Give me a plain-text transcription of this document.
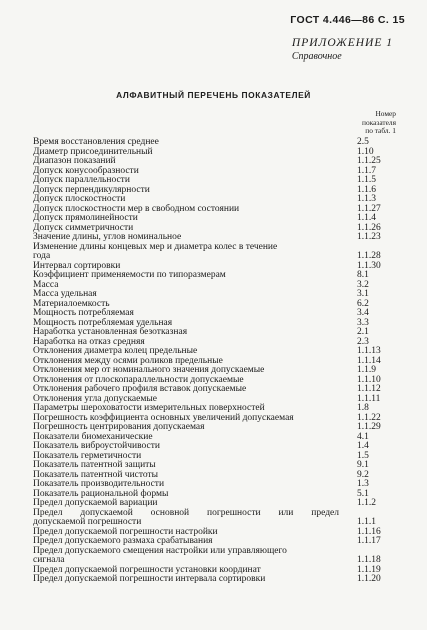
ГОСТ 4.446—86 С. 15
ПРИЛОЖЕНИЕ 1
Справочное
АЛФАВИТНЫЙ ПЕРЕЧЕНЬ ПОКАЗАТЕЛЕЙ
Номер
показателя
по табл. 1
Время восстановления среднее	2.5
Диаметр присоединительный	1.10
Диапазон показаний	1.1.25
Допуск конусообразности	1.1.7
Допуск параллельности	1.1.5
Допуск перпендикулярности	1.1.6
Допуск плоскостности	1.1.3
Допуск плоскостности мер в свободном состоянии	1.1.27
Допуск прямолинейности	1.1.4
Допуск симметричности	1.1.26
Значение длины, углов номинальное	1.1.23
Изменение длины концевых мер и диаметра колес в течение
года	1.1.28
Интервал сортировки	1.1.30
Коэффициент применяемости по типоразмерам	8.1
Масса	3.2
Масса удельная	3.1
Материалоемкость	6.2
Мощность потребляемая	3.4
Мощность потребляемая удельная	3.3
Наработка установленная безотказная	2.1
Наработка на отказ средняя	2.3
Отклонения диаметра колец предельные	1.1.13
Отклонения между осями роликов предельные	1.1.14
Отклонения мер от номинального значения допускаемые	1.1.9
Отклонения от плоскопараллельности допускаемые	1.1.10
Отклонения рабочего профиля вставок допускаемые	1.1.12
Отклонения угла допускаемые	1.1.11
Параметры шероховатости измерительных поверхностей	1.8
Погрешность коэффициента основных увеличений допускаемая	1.1.22
Погрешность центрирования допускаемая	1.1.29
Показатели биомеханические	4.1
Показатель виброустойчивости	1.4
Показатель герметичности	1.5
Показатель патентной защиты	9.1
Показатель патентной чистоты	9.2
Показатель производительности	1.3
Показатель рациональной формы	5.1
Предел допускаемой вариации	1.1.2
Предел допускаемой основной погрешности или предел
допускаемой погрешности	1.1.1
Предел допускаемой погрешности настройки	1.1.16
Предел допускаемого размаха срабатывания	1.1.17
Предел допускаемого смещения настройки или управляющего
сигнала	1.1.18
Предел допускаемой погрешности установки координат	1.1.19
Предел допускаемой погрешности интервала сортировки	1.1.20
